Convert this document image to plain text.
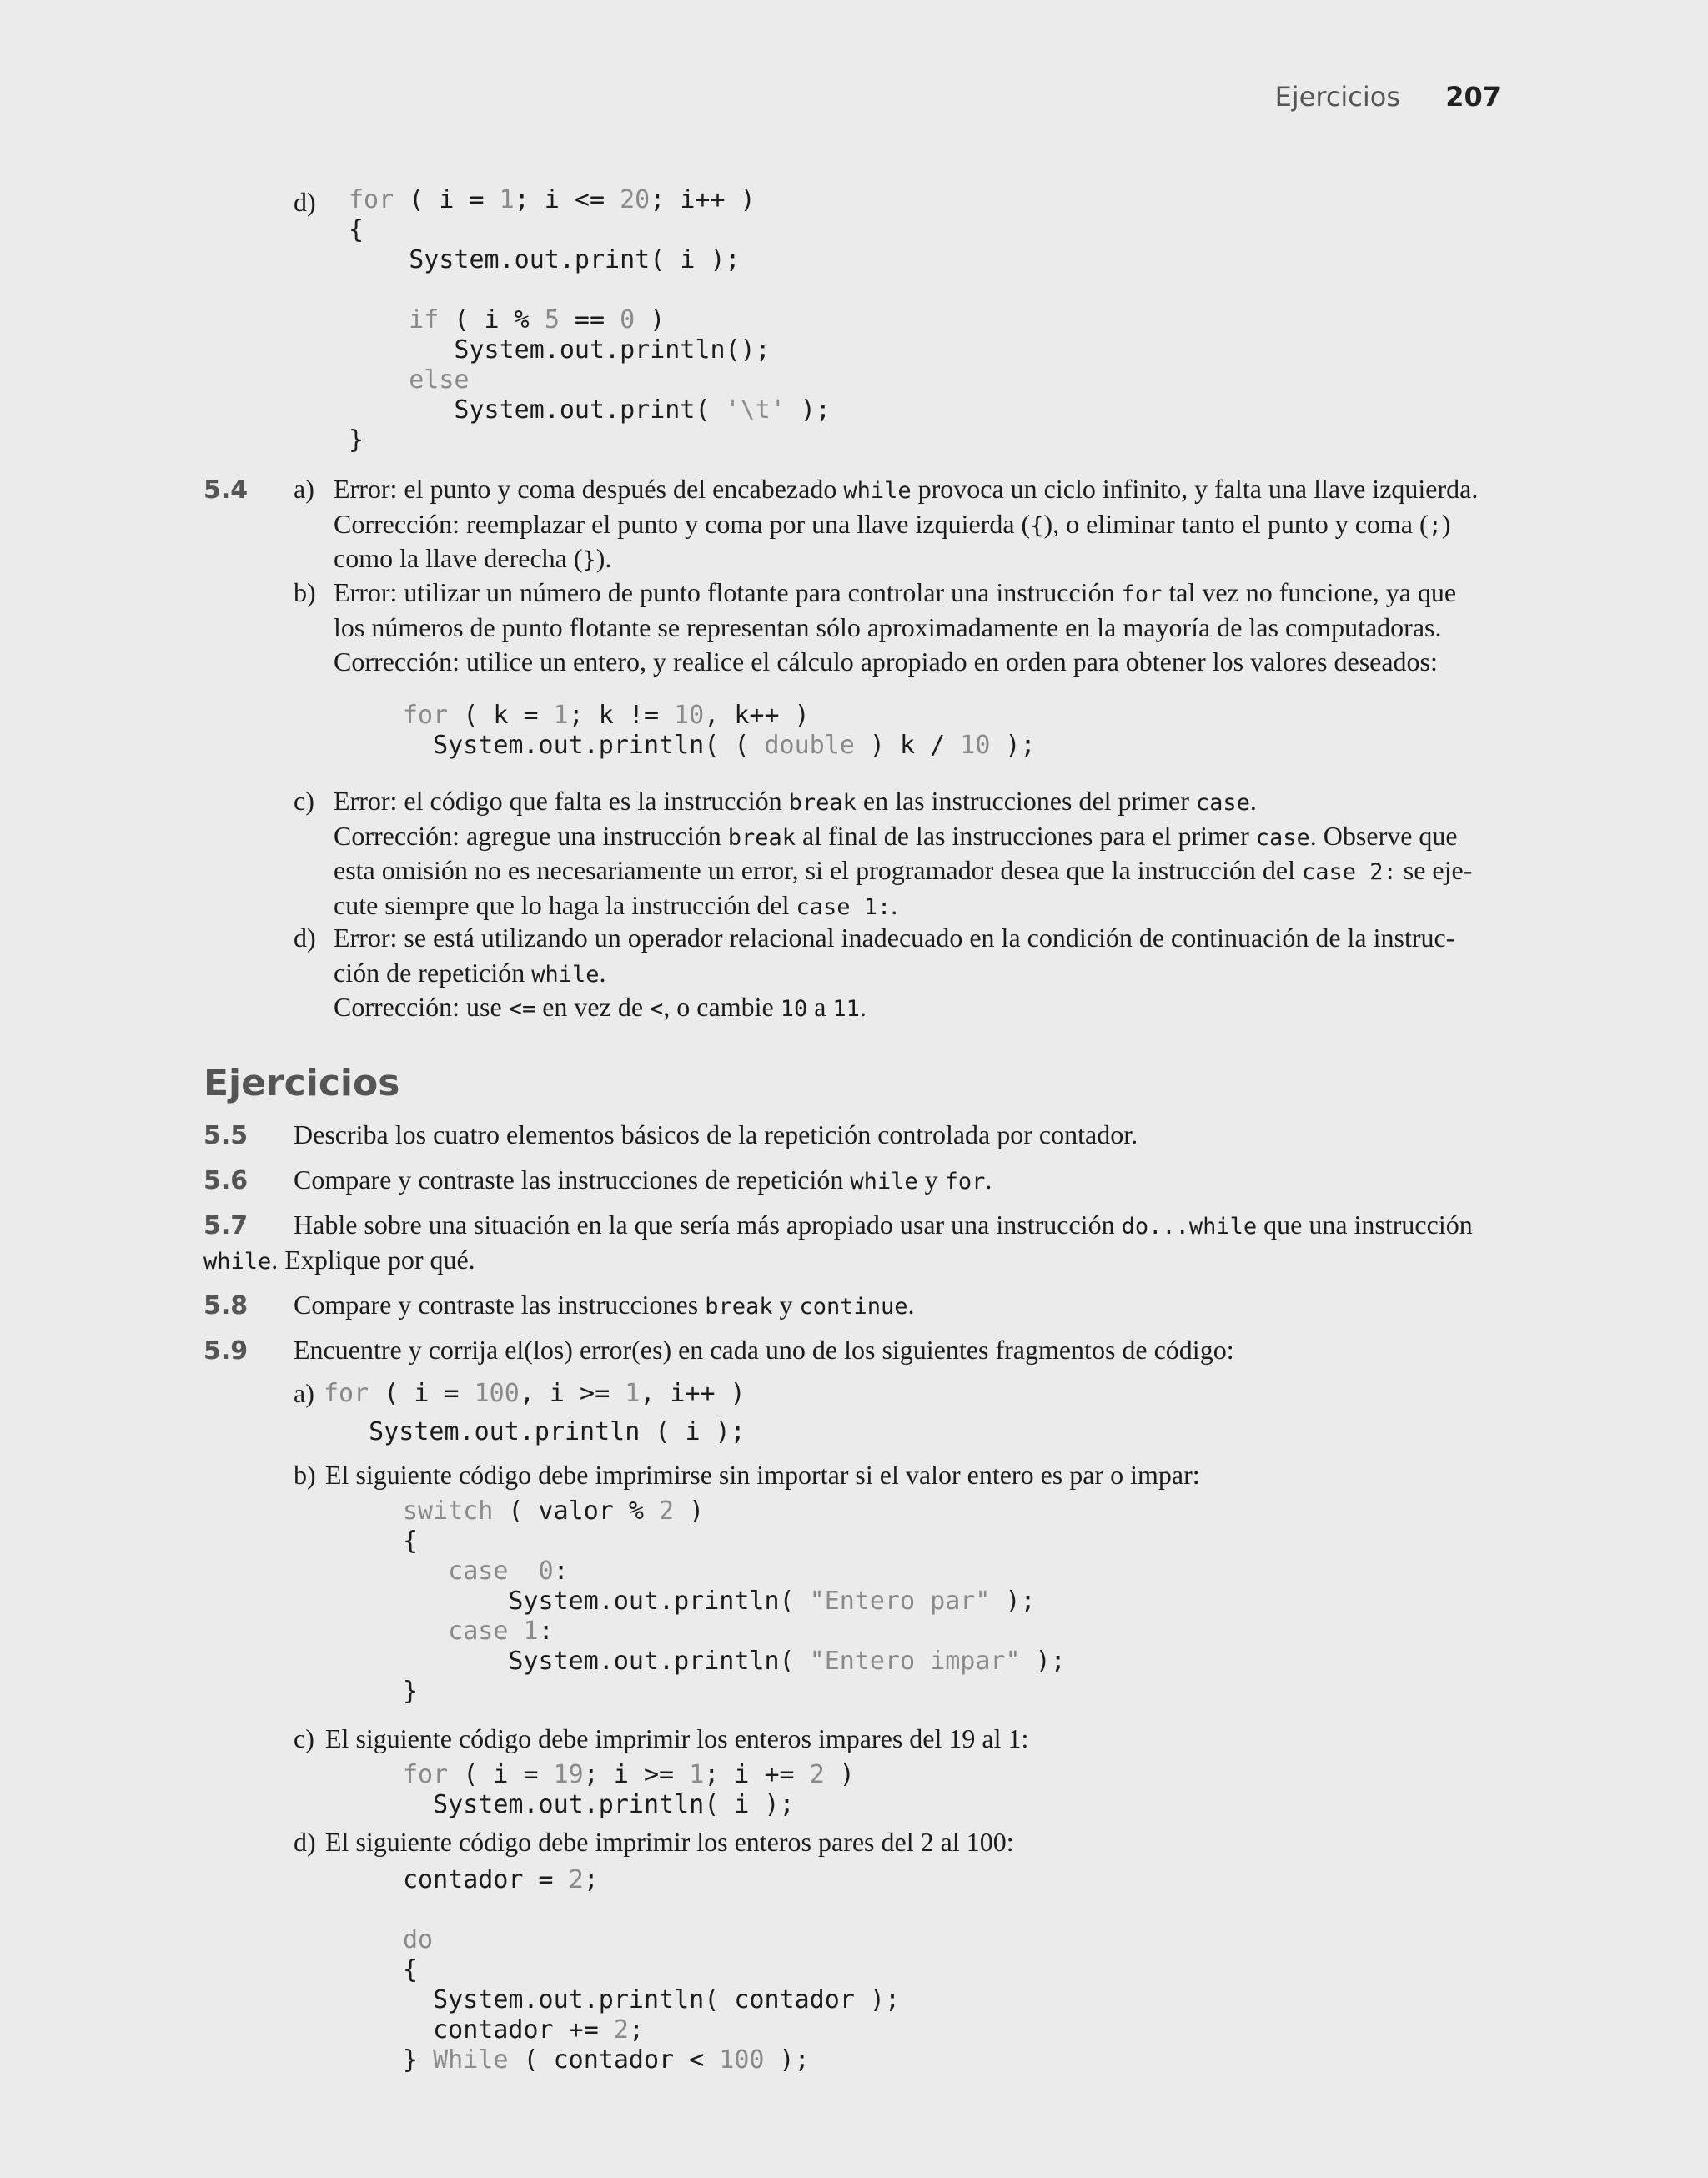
Ejercicios 207
d) for ( i = 1; i <= 20; i++ )
{
System.out.print( i );

if ( i % 5 == 0 )
System.out.println();
else
System.out.print( '\t' );
}
5.4 a) Error: el punto y coma después del encabezado while provoca un ciclo infinito, y falta una llave izquierda.

Corrección: reemplazar el punto y coma por una llave izquierda ({), o eliminar tanto el punto y coma (;)

como la llave derecha (}).

b) Error: utilizar un número de punto flotante para controlar una instrucción for tal vez no funcione, ya que

los números de punto flotante se representan sólo aproximadamente en la mayoría de las computadoras.

Corrección: utilice un entero, y realice el cálculo apropiado en orden para obtener los valores deseados:

for ( k = 1; k != 10, k++ )
System.out.println( ( double ) k / 10 );
c) Error: el código que falta es la instrucción break en las instrucciones del primer case.

Corrección: agregue una instrucción break al final de las instrucciones para el primer case. Observe que

esta omisión no es necesariamente un error, si el programador desea que la instrucción del case 2: se eje-

cute siempre que lo haga la instrucción del case 1:.

d) Error: se está utilizando un operador relacional inadecuado en la condición de continuación de la instruc-

ción de repetición while.

Corrección: use <= en vez de <, o cambie 10 a 11.

Ejercicios
5.5 Describa los cuatro elementos básicos de la repetición controlada por contador.
5.6 Compare y contraste las instrucciones de repetición while y for.
5.7 Hable sobre una situación en la que sería más apropiado usar una instrucción do...while que una instrucción
while. Explique por qué.
5.8 Compare y contraste las instrucciones break y continue.
5.9 Encuentre y corrija el(los) error(es) en cada uno de los siguientes fragmentos de código:
a) for ( i = 100, i >= 1, i++ )
System.out.println ( i );
b) El siguiente código debe imprimirse sin importar si el valor entero es par o impar:
switch ( valor % 2 )
{
case 0:
System.out.println( "Entero par" );
case 1:
System.out.println( "Entero impar" );
}
c) El siguiente código debe imprimir los enteros impares del 19 al 1:
for ( i = 19; i >= 1; i += 2 )
System.out.println( i );
d) El siguiente código debe imprimir los enteros pares del 2 al 100:
contador = 2;

do
{
System.out.println( contador );
contador += 2;
} While ( contador < 100 );
